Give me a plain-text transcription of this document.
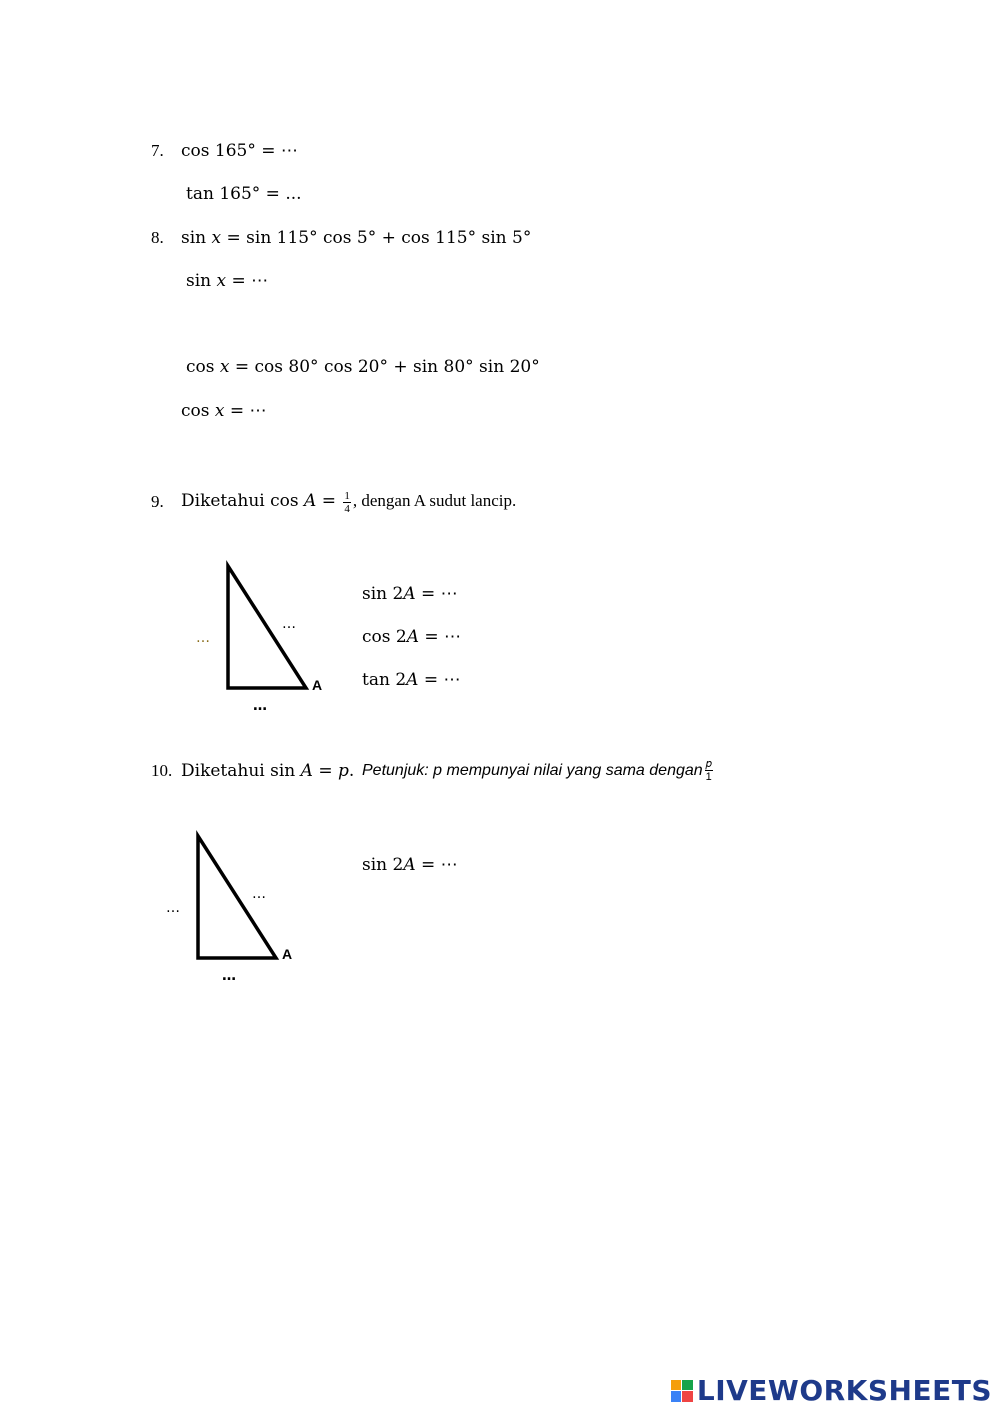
7. cos 165° = ⋯
tan 165° = ...
8. sin 𝑥 = sin 115° cos 5° + cos 115° sin 5°
sin 𝑥 = ⋯
cos 𝑥 = cos 80° cos 20° + sin 80° sin 20°
cos 𝑥 = ⋯
9. Diketahui cos 𝐴 = $\frac{1}{4}$ , dengan A sudut lancip.
…
…
…
A
sin 2𝐴 = ⋯
cos 2𝐴 = ⋯
tan 2𝐴 = ⋯
10. Diketahui sin 𝐴 = 𝑝. Petunjuk: p mempunyai nilai yang sama dengan $\frac{\text{𝑝}}{1}$
…
…
…
A
sin 2𝐴 = ⋯
LIVEWORKSHEETS
